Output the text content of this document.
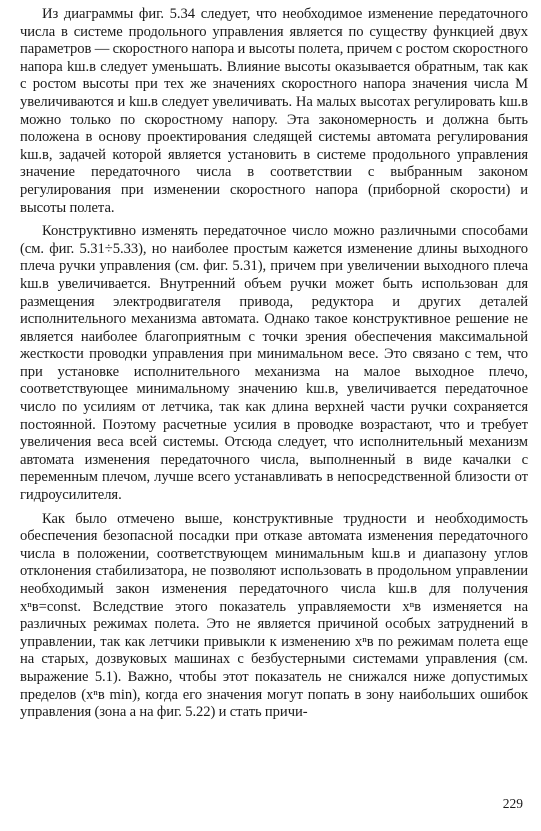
Из диаграммы фиг. 5.34 следует, что необходимое изменение передаточного числа в системе продольного управления является по существу функцией двух параметров — скоростного напора и высоты полета, причем с ростом скоростного напора kш.в следует уменьшать. Влияние высоты оказывается обратным, так как с ростом высоты при тех же значениях скоростного напора значения числа М увеличиваются и kш.в следует увеличивать. На малых высотах регулировать kш.в можно только по скоростному напору. Эта закономерность и должна быть положена в основу проектирования следящей системы автомата регулирования kш.в, задачей которой является установить в системе продольного управления значение передаточного числа в соответствии с выбранным законом регулирования при изменении скоростного напора (приборной скорости) и высоты полета.

Конструктивно изменять передаточное число можно различными способами (см. фиг. 5.31÷5.33), но наиболее простым кажется изменение длины выходного плеча ручки управления (см. фиг. 5.31), причем при увеличении выходного плеча kш.в увеличивается. Внутренний объем ручки может быть использован для размещения электродвигателя привода, редуктора и других деталей исполнительного механизма автомата. Однако такое конструктивное решение не является наиболее благоприятным с точки зрения обеспечения максимальной жесткости проводки управления при минимальном весе. Это связано с тем, что при установке исполнительного механизма на малое выходное плечо, соответствующее минимальному значению kш.в, увеличивается передаточное число по усилиям от летчика, так как длина верхней части ручки сохраняется постоянной. Поэтому расчетные усилия в проводке возрастают, что и требует увеличения веса всей системы. Отсюда следует, что исполнительный механизм автомата изменения передаточного числа, выполненный в виде качалки с переменным плечом, лучше всего устанавливать в непосредственной близости от гидроусилителя.

Как было отмечено выше, конструктивные трудности и необходимость обеспечения безопасной посадки при отказе автомата изменения передаточного числа в положении, соответствующем минимальным kш.в и диапазону углов отклонения стабилизатора, не позволяют использовать в продольном управлении необходимый закон изменения передаточного числа kш.в для получения xⁿв=const. Вследствие этого показатель управляемости xⁿв изменяется на различных режимах полета. Это не является причиной особых затруднений в управлении, так как летчики привыкли к изменению xⁿв по режимам полета еще на старых, дозвуковых машинах с безбустерными системами управления (см. выражение 5.1). Важно, чтобы этот показатель не снижался ниже допустимых пределов (xⁿв min), когда его значения могут попать в зону наибольших ошибок управления (зона a на фиг. 5.22) и стать причи-

229
